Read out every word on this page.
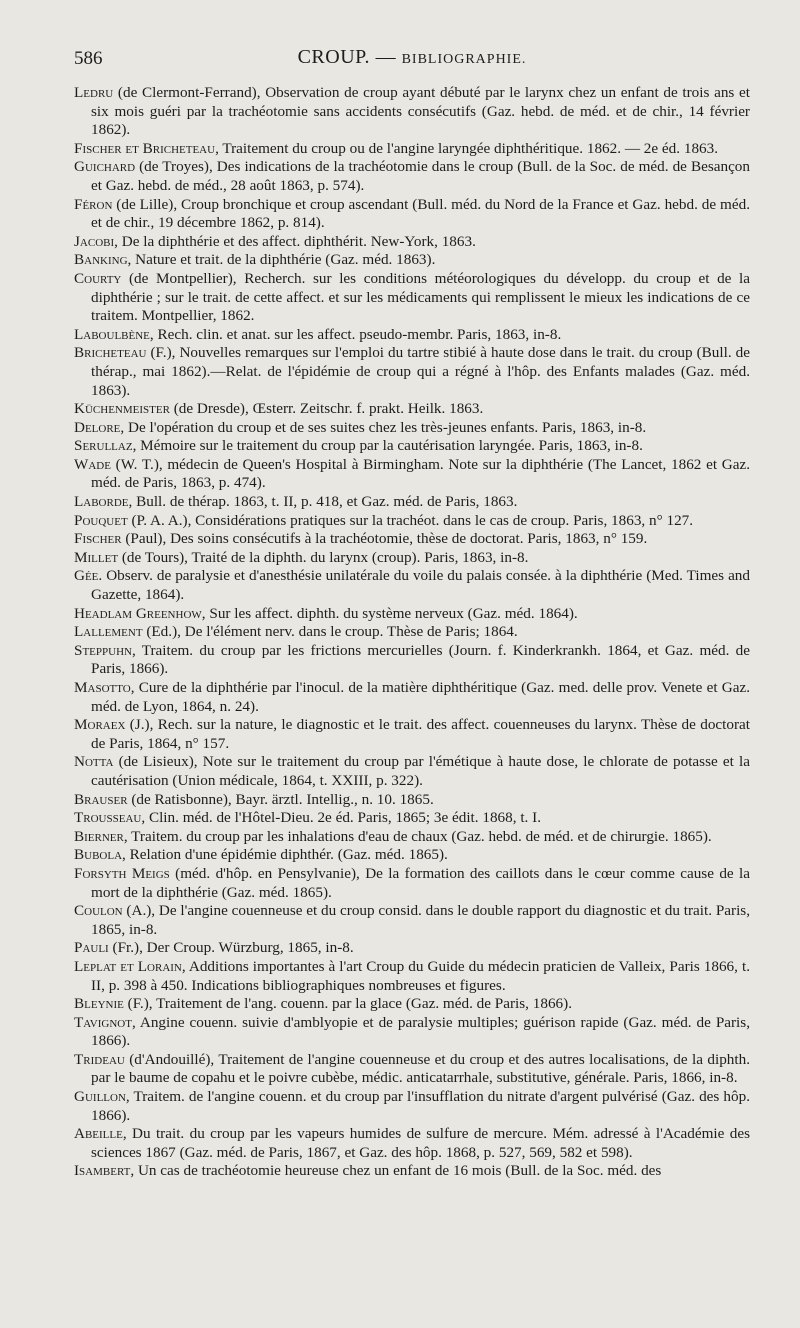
586	CROUP. — BIBLIOGRAPHIE.

Ledru (de Clermont-Ferrand), Observation de croup ayant débuté par le larynx chez un enfant de trois ans et six mois guéri par la trachéotomie sans accidents consécutifs (Gaz. hebd. de méd. et de chir., 14 février 1862).

Fischer et Bricheteau, Traitement du croup ou de l'angine laryngée diphthéritique. 1862. — 2e éd. 1863.

Guichard (de Troyes), Des indications de la trachéotomie dans le croup (Bull. de la Soc. de méd. de Besançon et Gaz. hebd. de méd., 28 août 1863, p. 574).

Féron (de Lille), Croup bronchique et croup ascendant (Bull. méd. du Nord de la France et Gaz. hebd. de méd. et de chir., 19 décembre 1862, p. 814).

Jacobi, De la diphthérie et des affect. diphthérit. New-York, 1863.

Banking, Nature et trait. de la diphthérie (Gaz. méd. 1863).

Courty (de Montpellier), Recherch. sur les conditions météorologiques du développ. du croup et de la diphthérie ; sur le trait. de cette affect. et sur les médicaments qui remplissent le mieux les indications de ce traitem. Montpellier, 1862.

Laboulbène, Rech. clin. et anat. sur les affect. pseudo-membr. Paris, 1863, in-8.

Bricheteau (F.), Nouvelles remarques sur l'emploi du tartre stibié à haute dose dans le trait. du croup (Bull. de thérap., mai 1862).—Relat. de l'épidémie de croup qui a régné à l'hôp. des Enfants malades (Gaz. méd. 1863).

Küchenmeister (de Dresde), Œsterr. Zeitschr. f. prakt. Heilk. 1863.

Delore, De l'opération du croup et de ses suites chez les très-jeunes enfants. Paris, 1863, in-8.

Serullaz, Mémoire sur le traitement du croup par la cautérisation laryngée. Paris, 1863, in-8.

Wade (W. T.), médecin de Queen's Hospital à Birmingham. Note sur la diphthérie (The Lancet, 1862 et Gaz. méd. de Paris, 1863, p. 474).

Laborde, Bull. de thérap. 1863, t. II, p. 418, et Gaz. méd. de Paris, 1863.

Pouquet (P. A. A.), Considérations pratiques sur la trachéot. dans le cas de croup. Paris, 1863, n° 127.

Fischer (Paul), Des soins consécutifs à la trachéotomie, thèse de doctorat. Paris, 1863, n° 159.

Millet (de Tours), Traité de la diphth. du larynx (croup). Paris, 1863, in-8.

Gée. Observ. de paralysie et d'anesthésie unilatérale du voile du palais consée. à la diphthérie (Med. Times and Gazette, 1864).

Headlam Greenhow, Sur les affect. diphth. du système nerveux (Gaz. méd. 1864).

Lallement (Ed.), De l'élément nerv. dans le croup. Thèse de Paris; 1864.

Steppuhn, Traitem. du croup par les frictions mercurielles (Journ. f. Kinderkrankh. 1864, et Gaz. méd. de Paris, 1866).

Masotto, Cure de la diphthérie par l'inocul. de la matière diphthéritique (Gaz. med. delle prov. Venete et Gaz. méd. de Lyon, 1864, n. 24).

Moraex (J.), Rech. sur la nature, le diagnostic et le trait. des affect. couenneuses du larynx. Thèse de doctorat de Paris, 1864, n° 157.

Notta (de Lisieux), Note sur le traitement du croup par l'émétique à haute dose, le chlorate de potasse et la cautérisation (Union médicale, 1864, t. XXIII, p. 322).

Brauser (de Ratisbonne), Bayr. ärztl. Intellig., n. 10. 1865.

Trousseau, Clin. méd. de l'Hôtel-Dieu. 2e éd. Paris, 1865; 3e édit. 1868, t. I.

Bierner, Traitem. du croup par les inhalations d'eau de chaux (Gaz. hebd. de méd. et de chirurgie. 1865).

Bubola, Relation d'une épidémie diphthér. (Gaz. méd. 1865).

Forsyth Meigs (méd. d'hôp. en Pensylvanie), De la formation des caillots dans le cœur comme cause de la mort de la diphthérie (Gaz. méd. 1865).

Coulon (A.), De l'angine couenneuse et du croup consid. dans le double rapport du diagnostic et du trait. Paris, 1865, in-8.

Pauli (Fr.), Der Croup. Würzburg, 1865, in-8.

Leplat et Lorain, Additions importantes à l'art Croup du Guide du médecin praticien de Valleix, Paris 1866, t. II, p. 398 à 450. Indications bibliographiques nombreuses et figures.

Bleynie (F.), Traitement de l'ang. couenn. par la glace (Gaz. méd. de Paris, 1866).

Tavignot, Angine couenn. suivie d'amblyopie et de paralysie multiples; guérison rapide (Gaz. méd. de Paris, 1866).

Trideau (d'Andouillé), Traitement de l'angine couenneuse et du croup et des autres localisations, de la diphth. par le baume de copahu et le poivre cubèbe, médic. anticatarrhale, substitutive, générale. Paris, 1866, in-8.

Guillon, Traitem. de l'angine couenn. et du croup par l'insufflation du nitrate d'argent pulvérisé (Gaz. des hôp. 1866).

Abeille, Du trait. du croup par les vapeurs humides de sulfure de mercure. Mém. adressé à l'Académie des sciences 1867 (Gaz. méd. de Paris, 1867, et Gaz. des hôp. 1868, p. 527, 569, 582 et 598).

Isambert, Un cas de trachéotomie heureuse chez un enfant de 16 mois (Bull. de la Soc. méd. des
